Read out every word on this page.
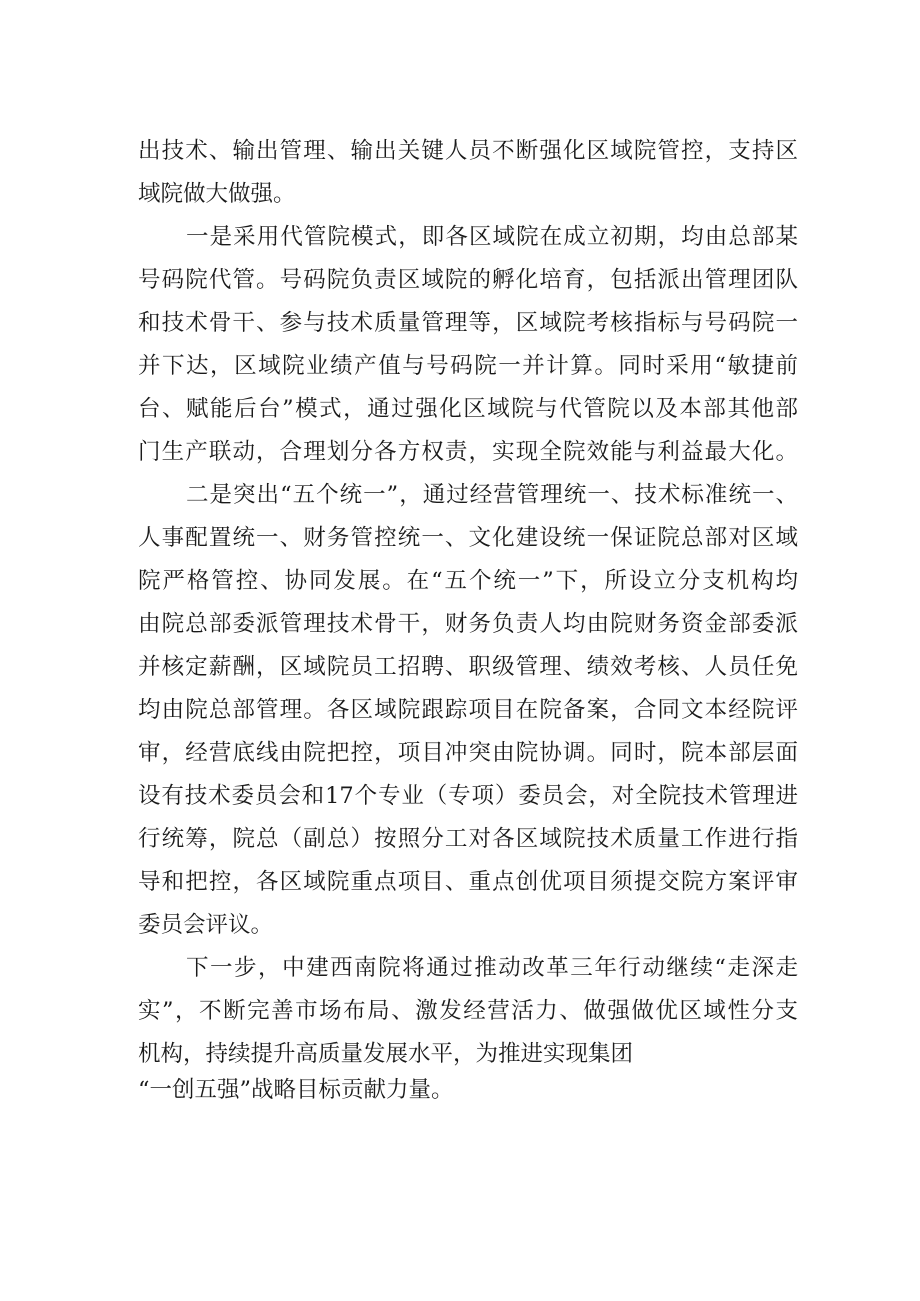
出技术、输出管理、输出关键人员不断强化区域院管控，支持区

域院做大做强。

一是采用代管院模式，即各区域院在成立初期，均由总部某

号码院代管。号码院负责区域院的孵化培育，包括派出管理团队

和技术骨干、参与技术质量管理等，区域院考核指标与号码院一

并下达，区域院业绩产值与号码院一并计算。同时采用“敏捷前

台、赋能后台”模式，通过强化区域院与代管院以及本部其他部

门生产联动，合理划分各方权责，实现全院效能与利益最大化。

二是突出“五个统一”，通过经营管理统一、技术标准统一、

人事配置统一、财务管控统一、文化建设统一保证院总部对区域

院严格管控、协同发展。在“五个统一”下，所设立分支机构均

由院总部委派管理技术骨干，财务负责人均由院财务资金部委派

并核定薪酬，区域院员工招聘、职级管理、绩效考核、人员任免

均由院总部管理。各区域院跟踪项目在院备案，合同文本经院评

审，经营底线由院把控，项目冲突由院协调。同时，院本部层面

设有技术委员会和17个专业（专项）委员会，对全院技术管理进

行统筹，院总（副总）按照分工对各区域院技术质量工作进行指

导和把控，各区域院重点项目、重点创优项目须提交院方案评审

委员会评议。

下一步，中建西南院将通过推动改革三年行动继续“走深走

实”，不断完善市场布局、激发经营活力、做强做优区域性分支

机构，持续提升高质量发展水平，为推进实现集团

“一创五强”战略目标贡献力量。
